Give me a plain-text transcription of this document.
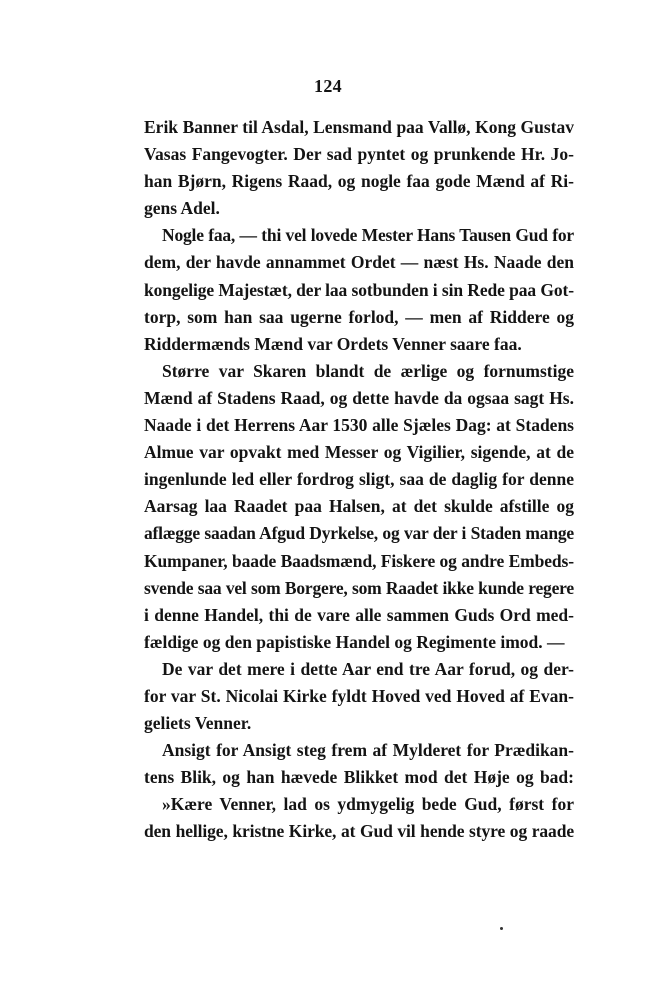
124
Erik Banner til Asdal, Lensmand paa Vallø, Kong Gustav
Vasas Fangevogter. Der sad pyntet og prunkende Hr. Jo-
han Bjørn, Rigens Raad, og nogle faa gode Mænd af Ri-
gens Adel.
Nogle faa, — thi vel lovede Mester Hans Tausen Gud for
dem, der havde annammet Ordet — næst Hs. Naade den
kongelige Majestæt, der laa sotbunden i sin Rede paa Got-
torp, som han saa ugerne forlod, — men af Riddere og
Riddermænds Mænd var Ordets Venner saare faa.
Større var Skaren blandt de ærlige og fornumstige
Mænd af Stadens Raad, og dette havde da ogsaa sagt Hs.
Naade i det Herrens Aar 1530 alle Sjæles Dag: at Stadens
Almue var opvakt med Messer og Vigilier, sigende, at de
ingenlunde led eller fordrog sligt, saa de daglig for denne
Aarsag laa Raadet paa Halsen, at det skulde afstille og
aflægge saadan Afgud Dyrkelse, og var der i Staden mange
Kumpaner, baade Baadsmænd, Fiskere og andre Embeds-
svende saa vel som Borgere, som Raadet ikke kunde regere
i denne Handel, thi de vare alle sammen Guds Ord med-
fældige og den papistiske Handel og Regimente imod. —
De var det mere i dette Aar end tre Aar forud, og der-
for var St. Nicolai Kirke fyldt Hoved ved Hoved af Evan-
geliets Venner.
Ansigt for Ansigt steg frem af Mylderet for Prædikan-
tens Blik, og han hævede Blikket mod det Høje og bad:
»Kære Venner, lad os ydmygelig bede Gud, først for
den hellige, kristne Kirke, at Gud vil hende styre og raade
